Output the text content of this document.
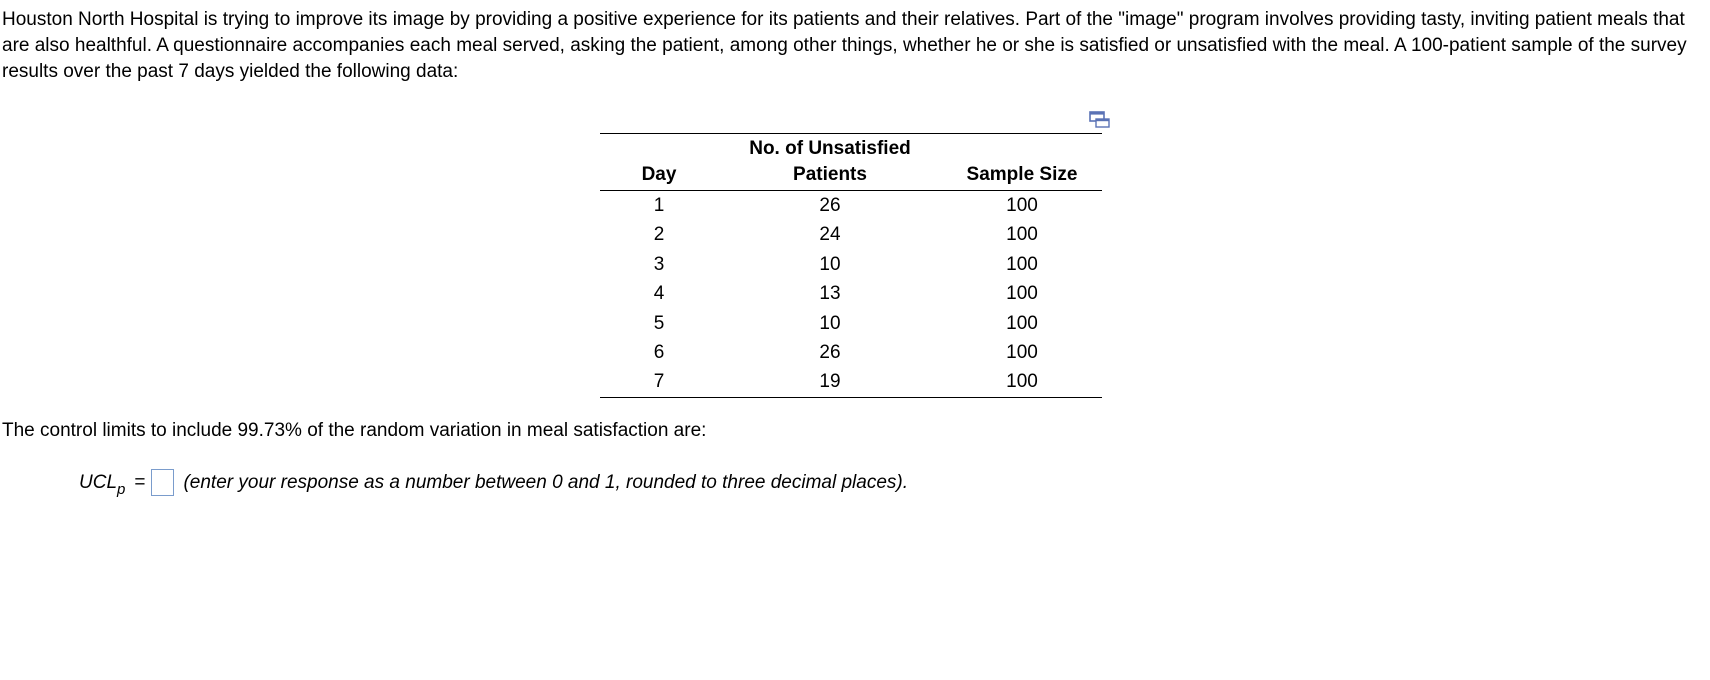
Houston North Hospital is trying to improve its image by providing a positive experience for its patients and their relatives. Part of the "image" program involves providing tasty, inviting patient meals that are also healthful. A questionnaire accompanies each meal served, asking the patient, among other things, whether he or she is satisfied or unsatisfied with the meal. A 100-patient sample of the survey results over the past 7 days yielded the following data:

	No. of Unsatisfied	
Day	Patients	Sample Size
1	26	100
2	24	100
3	10	100
4	13	100
5	10	100
6	26	100
7	19	100

The control limits to include 99.73% of the random variation in meal satisfaction are:

UCL p = (enter your response as a number between 0 and 1, rounded to three decimal places).
